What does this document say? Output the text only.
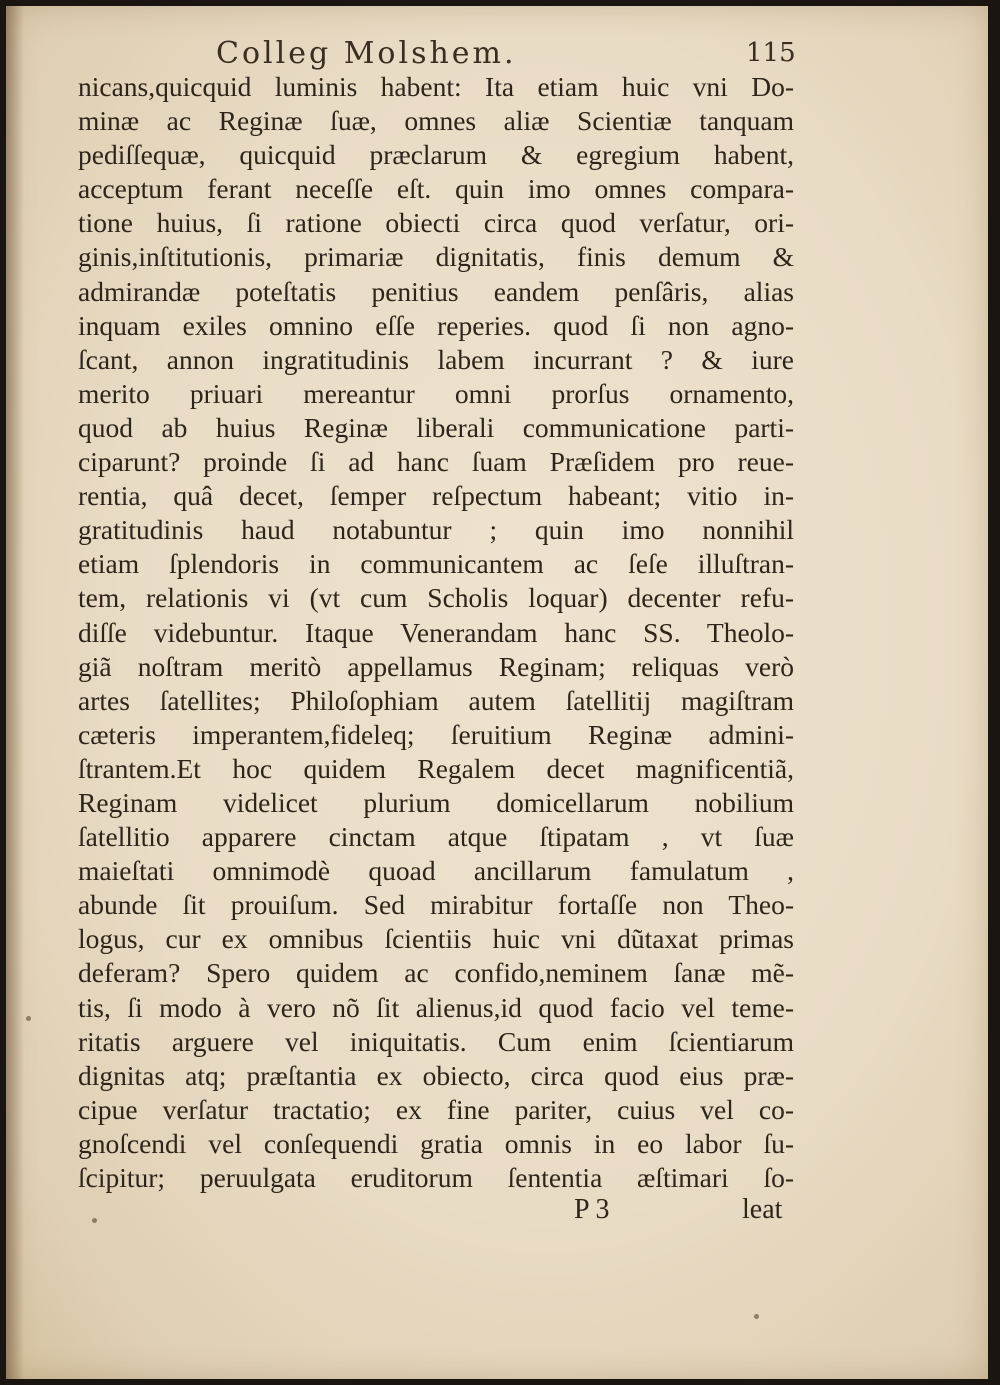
Colleg Molshem.	115
nicans,quicquid luminis habent: Ita etiam huic vni Do-
minæ ac Reginæ ſuæ, omnes aliæ Scientiæ tanquam
pediſſequæ, quicquid præclarum & egregium habent,
acceptum ferant neceſſe eſt. quin imo omnes compara-
tione huius, ſi ratione obiecti circa quod verſatur, ori-
ginis,inſtitutionis, primariæ dignitatis, finis demum &
admirandæ poteſtatis penitius eandem penſâris, alias
inquam exiles omnino eſſe reperies. quod ſi non agno-
ſcant, annon ingratitudinis labem incurrant ? & iure
merito priuari mereantur omni prorſus ornamento,
quod ab huius Reginæ liberali communicatione parti-
ciparunt? proinde ſi ad hanc ſuam Præſidem pro reue-
rentia, quâ decet, ſemper reſpectum habeant; vitio in-
gratitudinis haud notabuntur ; quin imo nonnihil
etiam ſplendoris in communicantem ac ſeſe illuſtran-
tem, relationis vi (vt cum Scholis loquar) decenter refu-
diſſe videbuntur. Itaque Venerandam hanc SS. Theolo-
giã noſtram meritò appellamus Reginam; reliquas verò
artes ſatellites; Philoſophiam autem ſatellitij magiſtram
cæteris imperantem,fideleq; ſeruitium Reginæ admini-
ſtrantem.Et hoc quidem Regalem decet magnificentiã,
Reginam videlicet plurium domicellarum nobilium
ſatellitio apparere cinctam atque ſtipatam , vt ſuæ
maieſtati omnimodè quoad ancillarum famulatum ,
abunde ſit prouiſum. Sed mirabitur fortaſſe non Theo-
logus, cur ex omnibus ſcientiis huic vni dũtaxat primas
deferam? Spero quidem ac confido,neminem ſanæ mẽ-
tis, ſi modo à vero nõ ſit alienus,id quod facio vel teme-
ritatis arguere vel iniquitatis. Cum enim ſcientiarum
dignitas atq; præſtantia ex obiecto, circa quod eius præ-
cipue verſatur tractatio; ex fine pariter, cuius vel co-
gnoſcendi vel conſequendi gratia omnis in eo labor ſu-
ſcipitur; peruulgata eruditorum ſententia æſtimari ſo-
P 3	leat
